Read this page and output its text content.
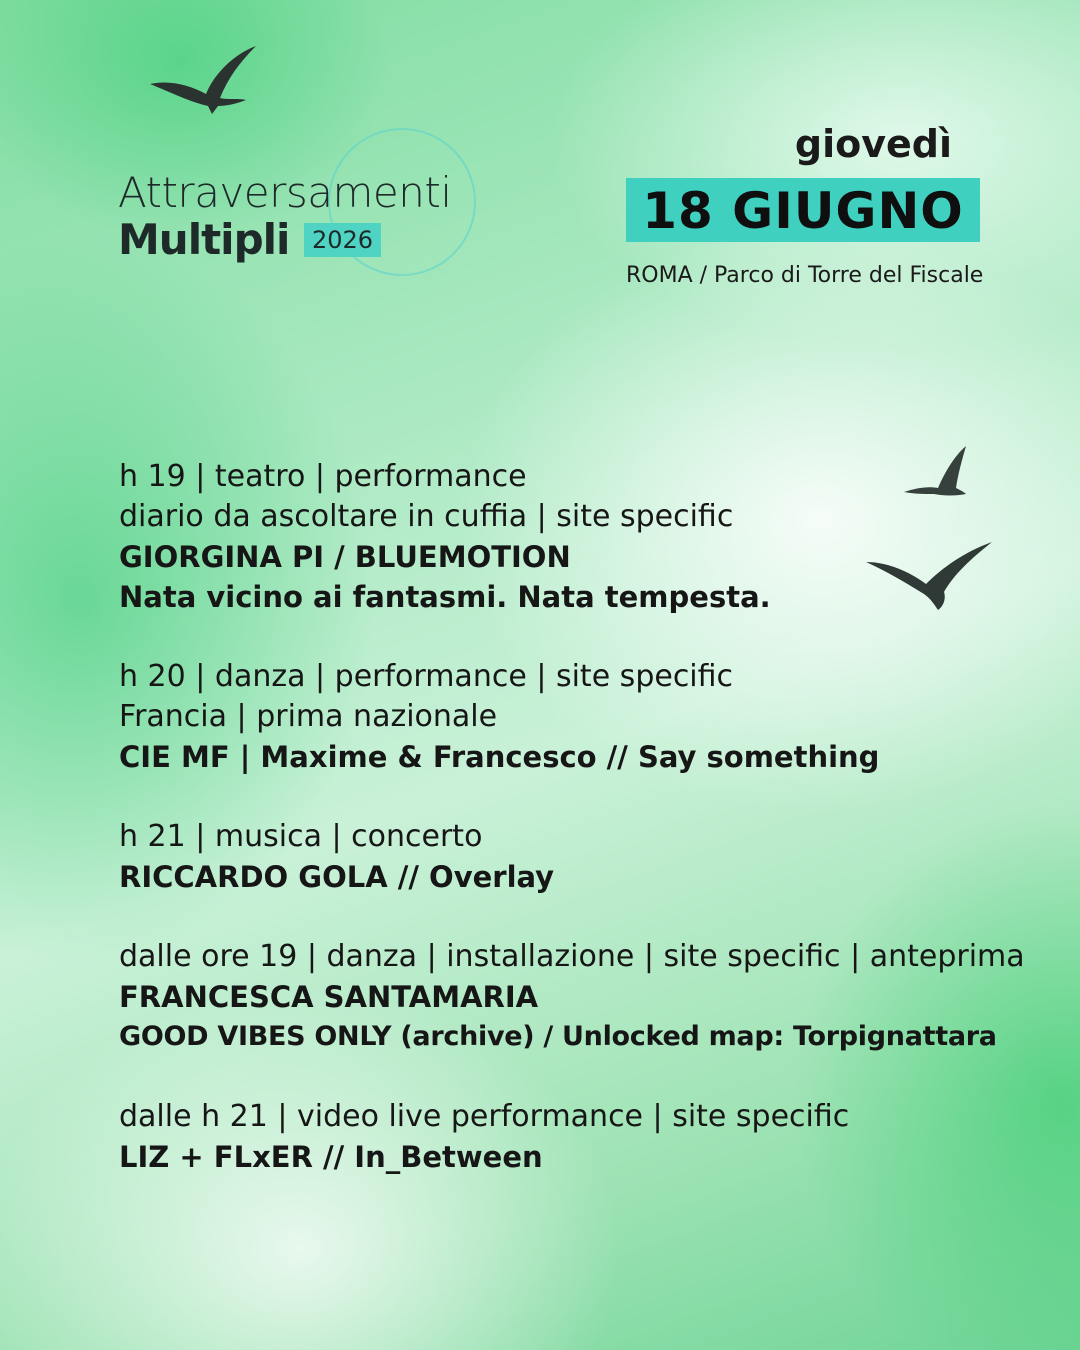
Attraversamenti
Multipli 2026
giovedì
18 GIUGNO
ROMA / Parco di Torre del Fiscale
h 19 | teatro | performance
diario da ascoltare in cuffia | site specific
GIORGINA PI / BLUEMOTION
Nata vicino ai fantasmi. Nata tempesta.
h 20 | danza | performance | site specific
Francia | prima nazionale
CIE MF | Maxime & Francesco // Say something
h 21 | musica | concerto
RICCARDO GOLA // Overlay
dalle ore 19 | danza | installazione | site specific | anteprima
FRANCESCA SANTAMARIA
GOOD VIBES ONLY (archive) / Unlocked map: Torpignattara
dalle h 21 | video live performance | site specific
LIZ + FLxER // In_Between
